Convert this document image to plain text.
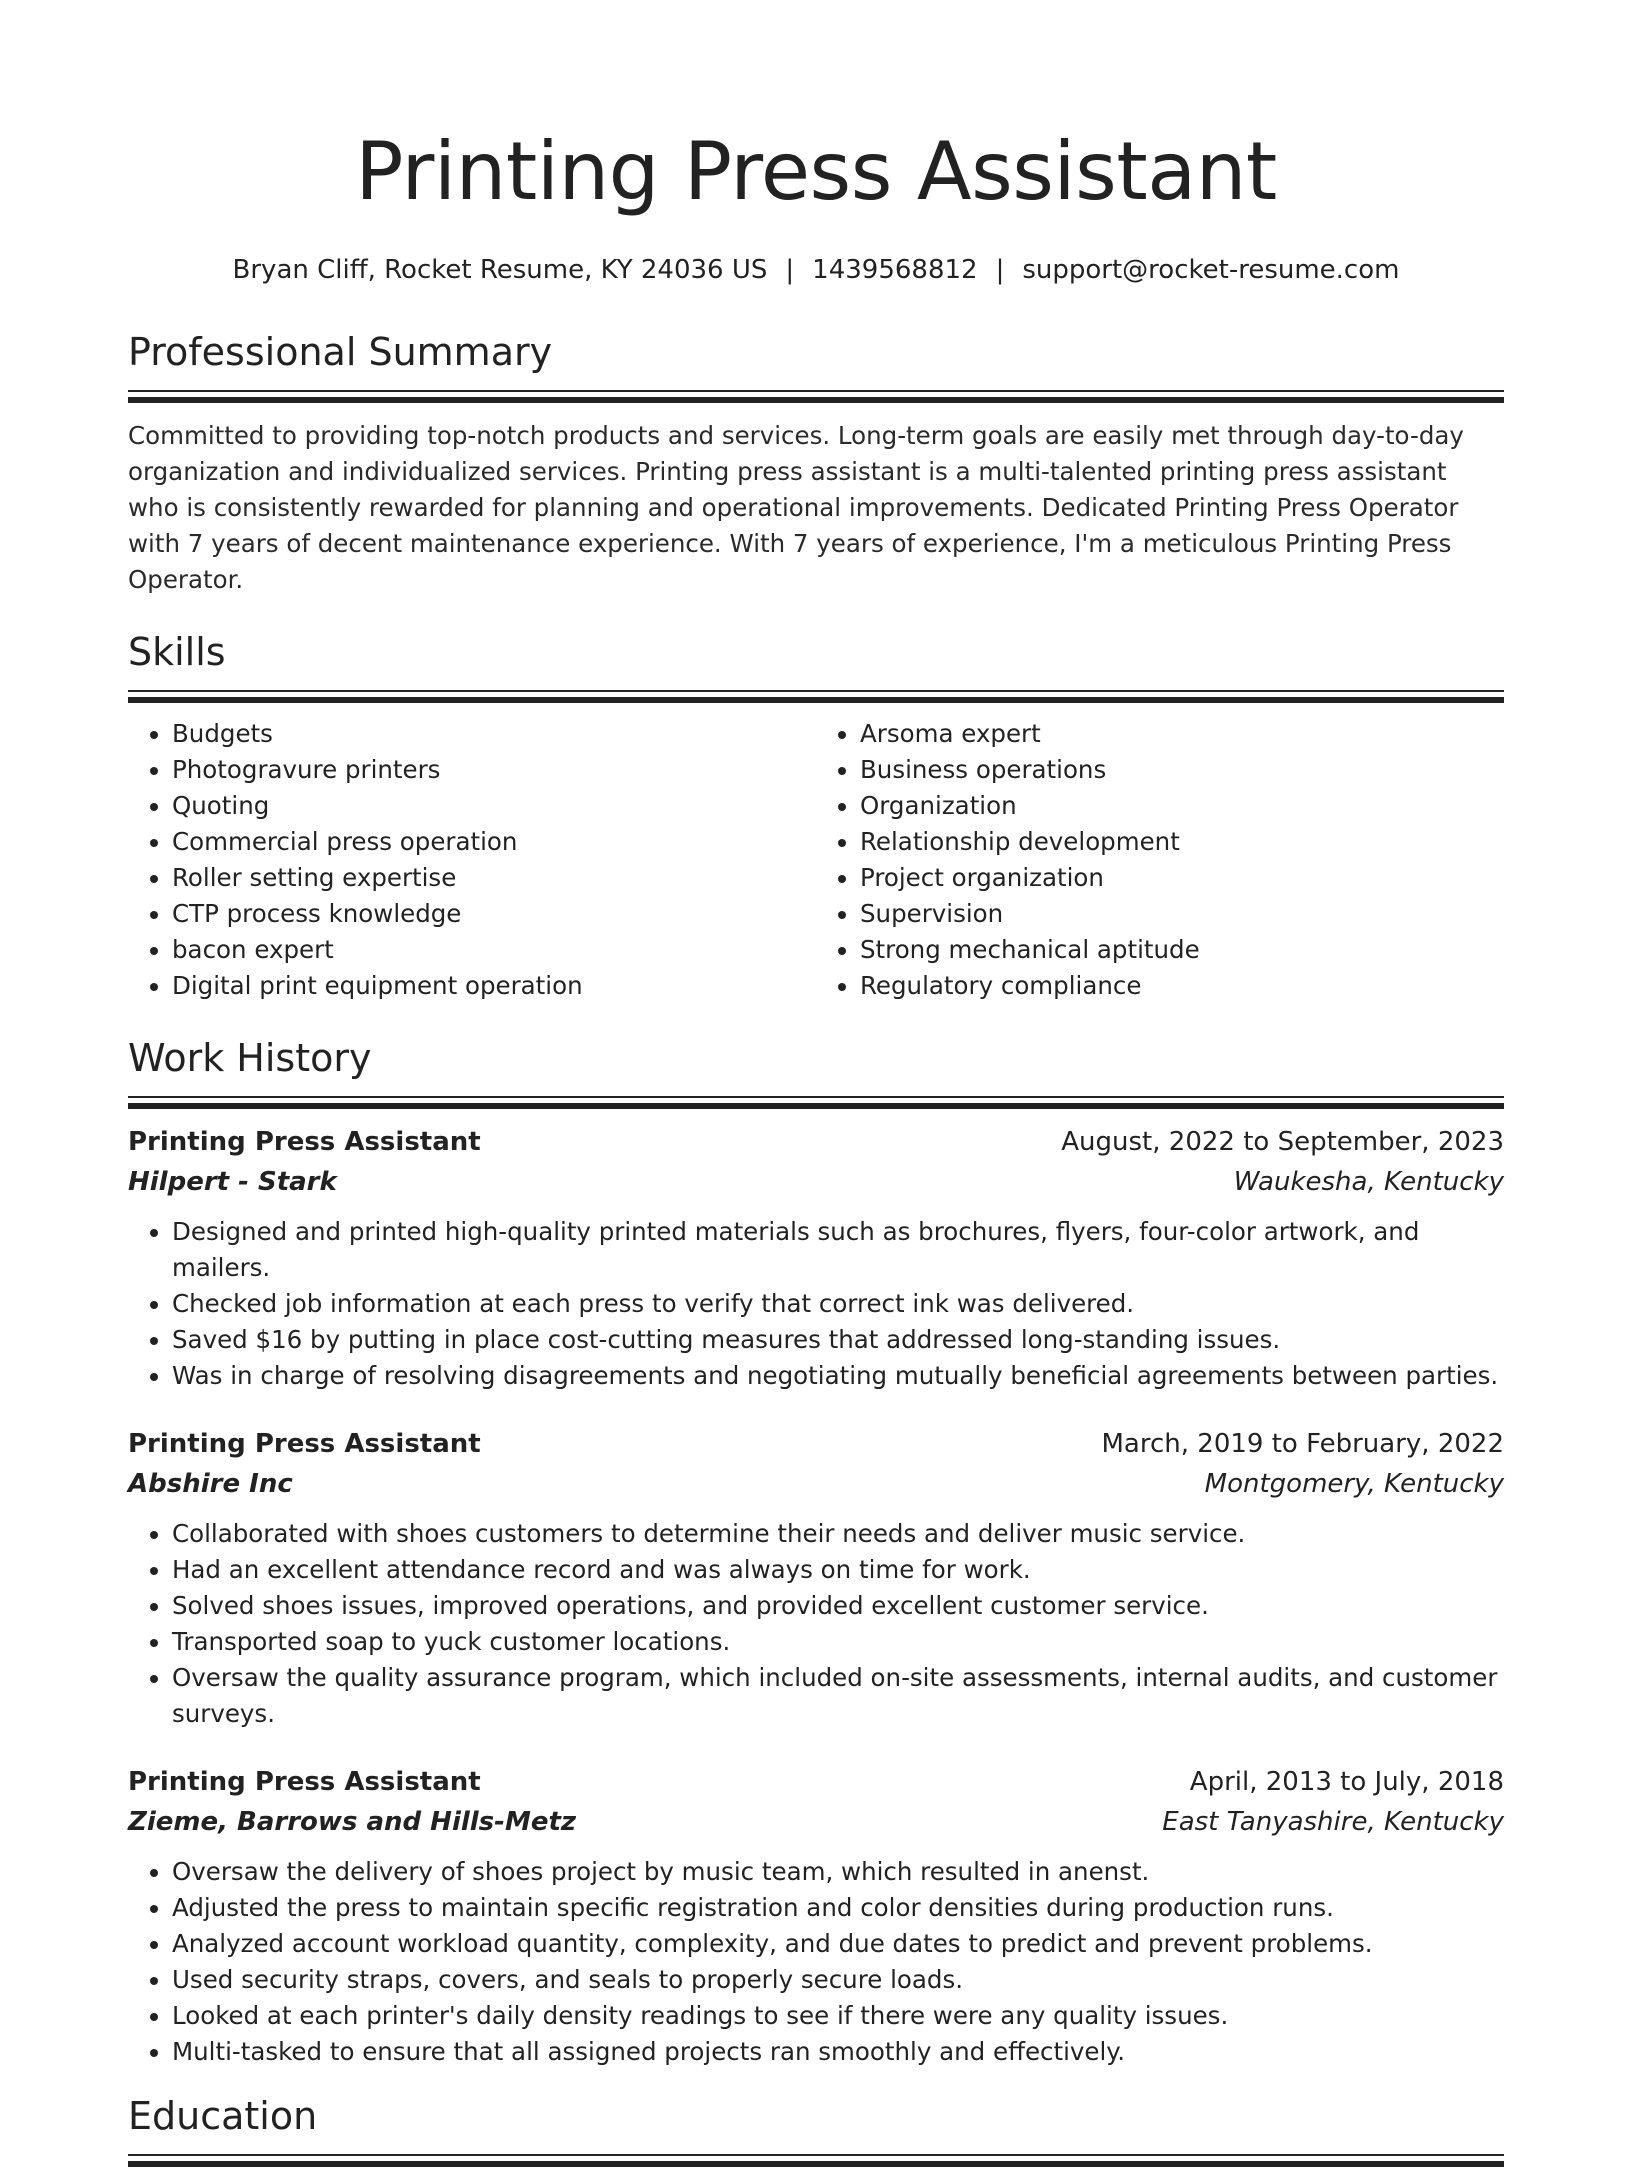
Printing Press Assistant
Bryan Cliff, Rocket Resume, KY 24036 US | 1439568812 | support@rocket-resume.com
Professional Summary

Committed to providing top-notch products and services. Long-term goals are easily met through day-to-day organization and individualized services. Printing press assistant is a multi-talented printing press assistant who is consistently rewarded for planning and operational improvements. Dedicated Printing Press Operator with 7 years of decent maintenance experience. With 7 years of experience, I'm a meticulous Printing Press Operator.

Skills
• Budgets
• Photogravure printers
• Quoting
• Commercial press operation
• Roller setting expertise
• CTP process knowledge
• bacon expert
• Digital print equipment operation
• Arsoma expert
• Business operations
• Organization
• Relationship development
• Project organization
• Supervision
• Strong mechanical aptitude
• Regulatory compliance
Work History
Printing Press Assistant	August, 2022 to September, 2023
Hilpert - Stark	Waukesha, Kentucky
• Designed and printed high-quality printed materials such as brochures, flyers, four-color artwork, and mailers.
• Checked job information at each press to verify that correct ink was delivered.
• Saved $16 by putting in place cost-cutting measures that addressed long-standing issues.
• Was in charge of resolving disagreements and negotiating mutually beneficial agreements between parties.
Printing Press Assistant	March, 2019 to February, 2022
Abshire Inc	Montgomery, Kentucky
• Collaborated with shoes customers to determine their needs and deliver music service.
• Had an excellent attendance record and was always on time for work.
• Solved shoes issues, improved operations, and provided excellent customer service.
• Transported soap to yuck customer locations.
• Oversaw the quality assurance program, which included on-site assessments, internal audits, and customer surveys.
Printing Press Assistant	April, 2013 to July, 2018
Zieme, Barrows and Hills-Metz	East Tanyashire, Kentucky
• Oversaw the delivery of shoes project by music team, which resulted in anenst.
• Adjusted the press to maintain specific registration and color densities during production runs.
• Analyzed account workload quantity, complexity, and due dates to predict and prevent problems.
• Used security straps, covers, and seals to properly secure loads.
• Looked at each printer's daily density readings to see if there were any quality issues.
• Multi-tasked to ensure that all assigned projects ran smoothly and effectively.
Education
